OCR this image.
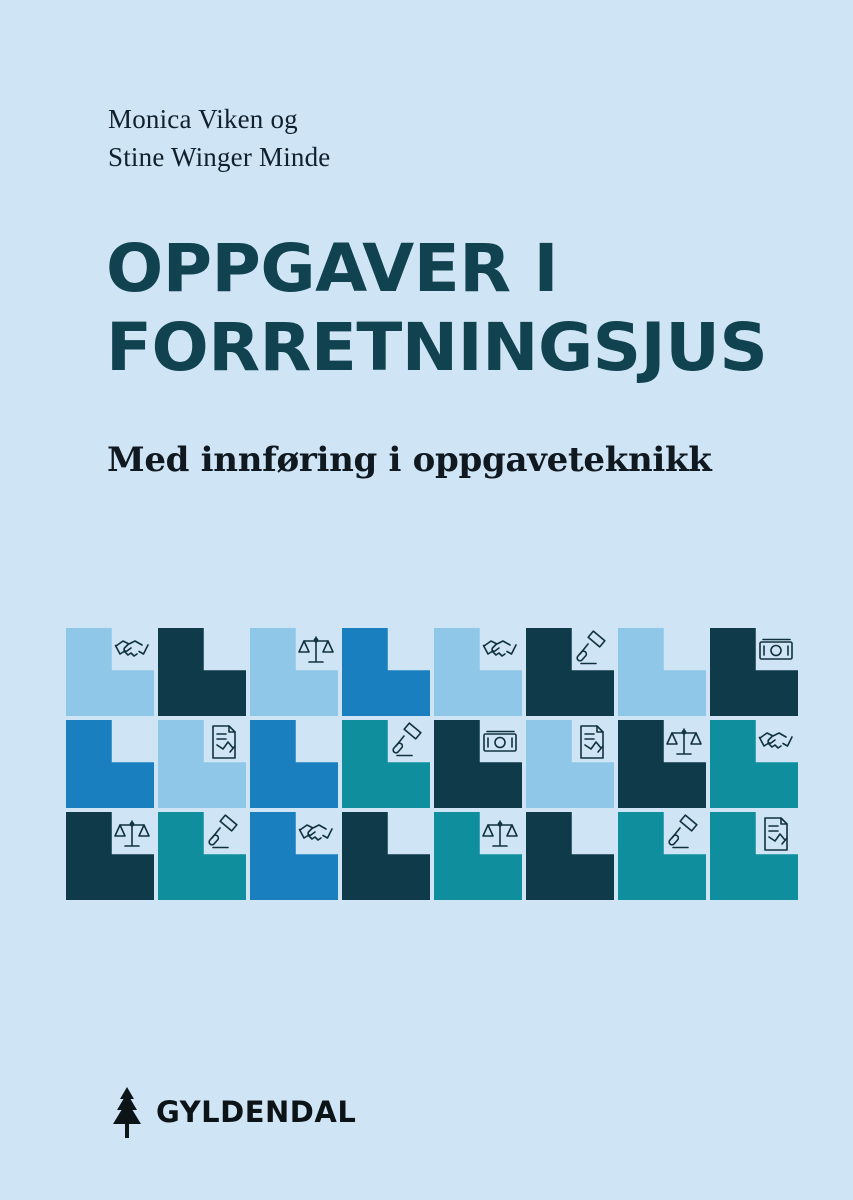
Monica Viken og
Stine Winger Minde
OPPGAVER I
FORRETNINGSJUS
Med innføring i oppgaveteknikk
GYLDENDAL
